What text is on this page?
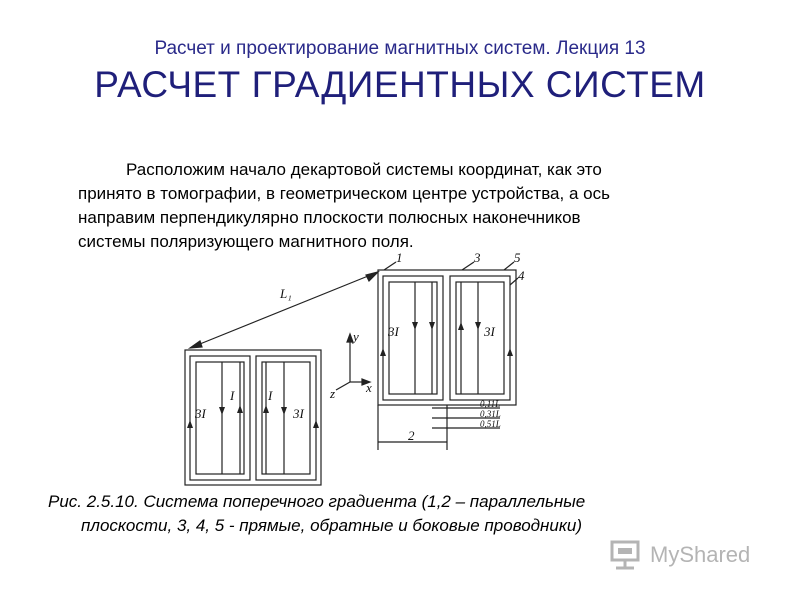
Расчет и проектирование магнитных систем. Лекция 13
РАСЧЕТ ГРАДИЕНТНЫХ СИСТЕМ
Расположим начало декартовой системы координат, как это
принято в томографии, в геометрическом центре устройства, а ось
направим перпендикулярно плоскости полюсных наконечников
системы поляризующего магнитного поля.
L₁
y
x
z
1	3
4
5
3I
I	I
3I
3I	3I
0,11L
0,31L
0,51L
2
Рис. 2.5.10. Система поперечного градиента (1,2 – параллельные
плоскости, 3, 4, 5 - прямые, обратные и боковые проводники)
MyShared
